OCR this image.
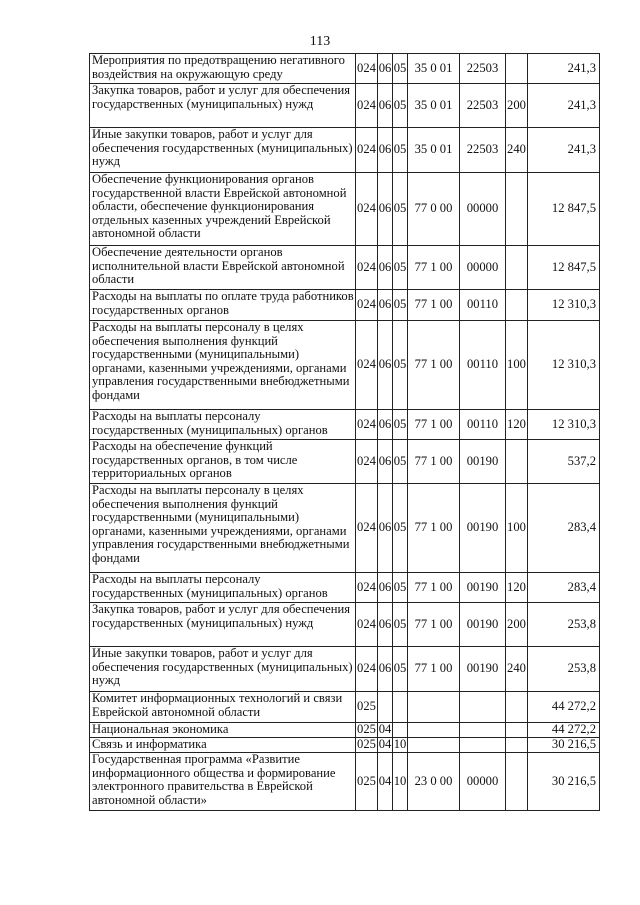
113
Мероприятия по предотвращению негативного воздействия на окружающую среду	024	06	05	35 0 01	22503		241,3
Закупка товаров, работ и услуг для обеспечения государственных (муниципальных) нужд	024	06	05	35 0 01	22503	200	241,3
Иные закупки товаров, работ и услуг для обеспечения государственных (муниципальных) нужд	024	06	05	35 0 01	22503	240	241,3
Обеспечение функционирования органов государственной власти Еврейской автономной области, обеспечение функционирования отдельных казенных учреждений Еврейской автономной области	024	06	05	77 0 00	00000		12 847,5
Обеспечение деятельности органов исполнительной власти Еврейской автономной области	024	06	05	77 1 00	00000		12 847,5
Расходы на выплаты по оплате труда работников государственных органов	024	06	05	77 1 00	00110		12 310,3
Расходы на выплаты персоналу в целях обеспечения выполнения функций государственными (муниципальными) органами, казенными учреждениями, органами управления государственными внебюджетными фондами	024	06	05	77 1 00	00110	100	12 310,3
Расходы на выплаты персоналу государственных (муниципальных) органов	024	06	05	77 1 00	00110	120	12 310,3
Расходы на обеспечение функций государственных органов, в том числе территориальных органов	024	06	05	77 1 00	00190		537,2
Расходы на выплаты персоналу в целях обеспечения выполнения функций государственными (муниципальными) органами, казенными учреждениями, органами управления государственными внебюджетными фондами	024	06	05	77 1 00	00190	100	283,4
Расходы на выплаты персоналу государственных (муниципальных) органов	024	06	05	77 1 00	00190	120	283,4
Закупка товаров, работ и услуг для обеспечения государственных (муниципальных) нужд	024	06	05	77 1 00	00190	200	253,8
Иные закупки товаров, работ и услуг для обеспечения государственных (муниципальных) нужд	024	06	05	77 1 00	00190	240	253,8
Комитет информационных технологий и связи Еврейской автономной области	025						44 272,2
Национальная экономика	025	04					44 272,2
Связь и информатика	025	04	10				30 216,5
Государственная программа «Развитие информационного общества и формирование электронного правительства в Еврейской автономной области»	025	04	10	23 0 00	00000		30 216,5
